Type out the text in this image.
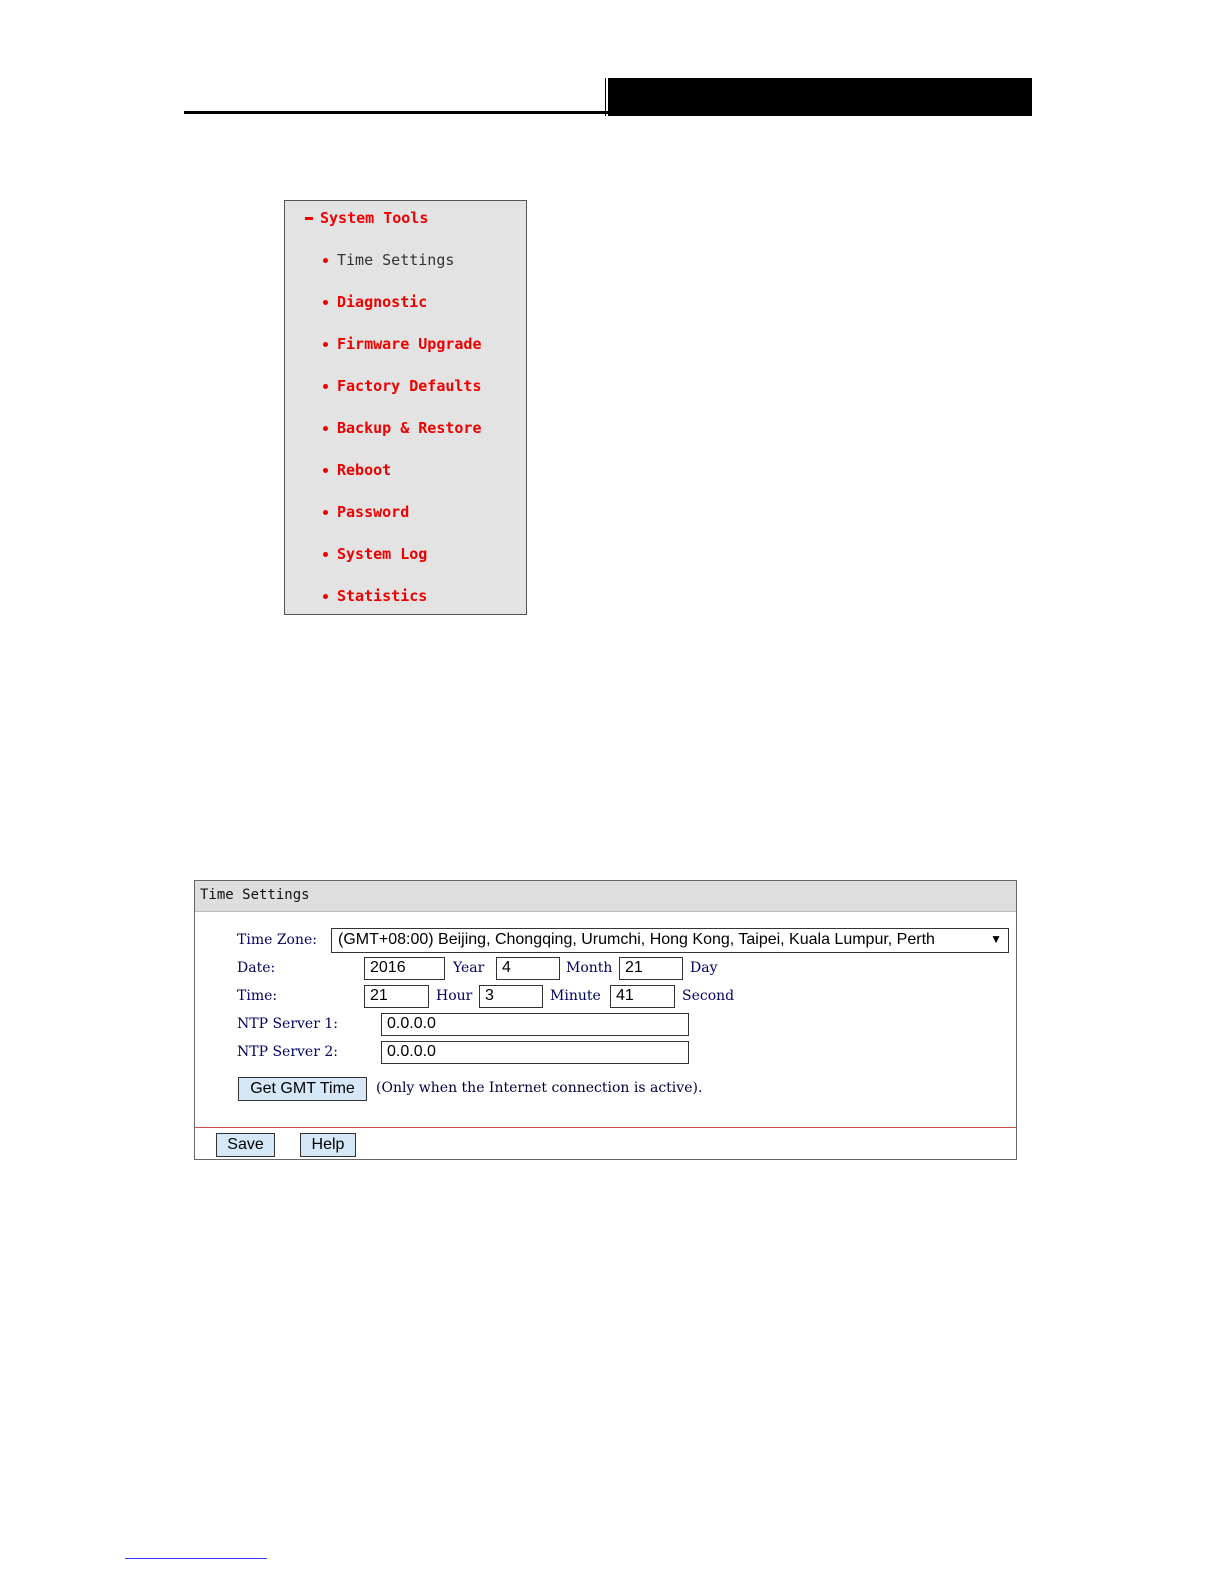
System Tools
Time Settings
Diagnostic
Firmware Upgrade
Factory Defaults
Backup & Restore
Reboot
Password
System Log
Statistics
Time Settings
Time Zone:	(GMT+08:00) Beijing, Chongqing, Urumchi, Hong Kong, Taipei, Kuala Lumpur, Perth	▼
Date:	2016	Year	4	Month 21	Day
Time:	21	Hour 3	Minute 41	Second
NTP Server 1:	0.0.0.0
NTP Server 2:	0.0.0.0
Get GMT Time	(Only when the Internet connection is active).
Save	Help
